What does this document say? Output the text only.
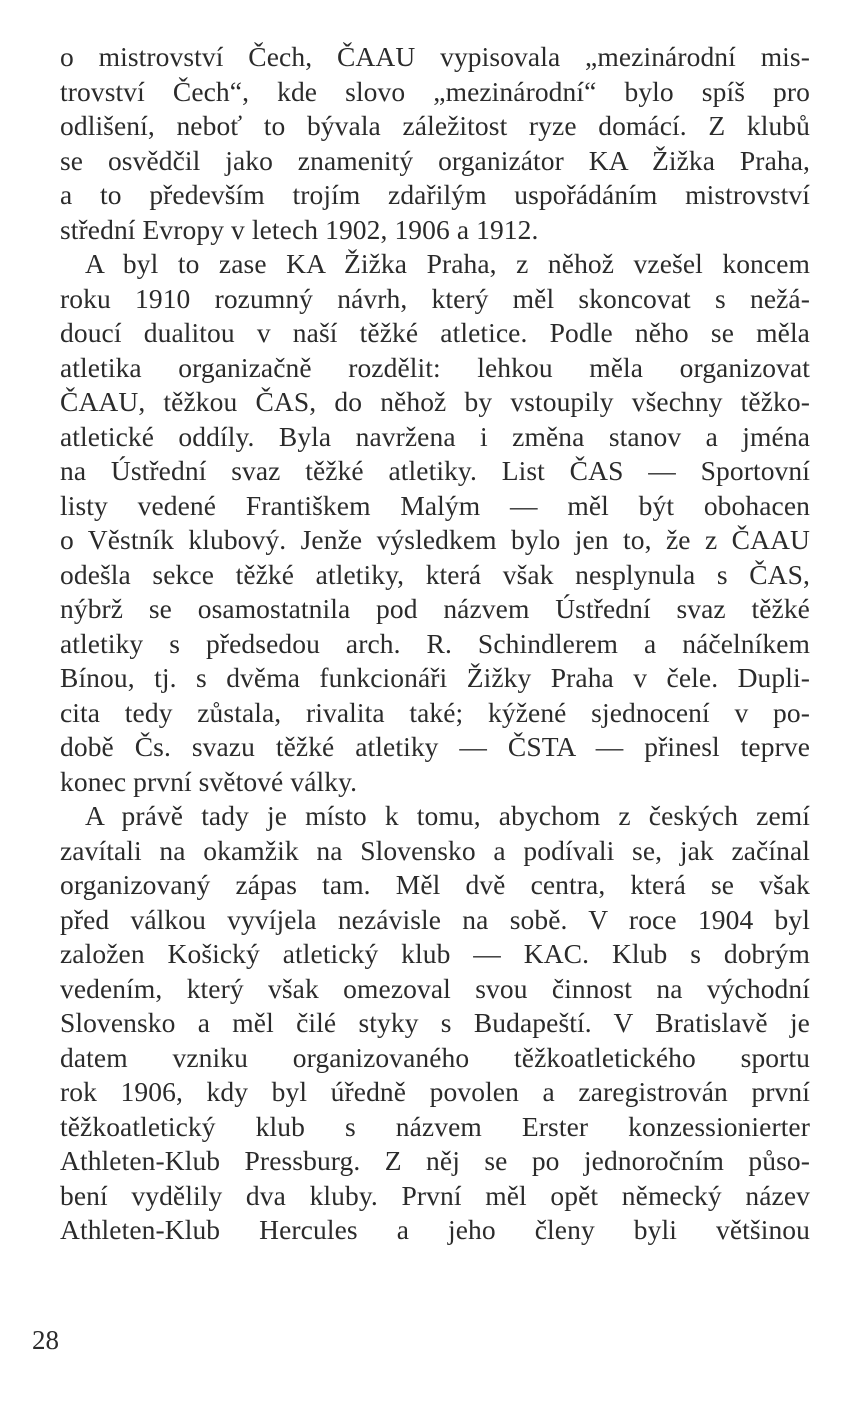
o mistrovství Čech, ČAAU vypisovala „mezinárodní mis-
trovství Čech“, kde slovo „mezinárodní“ bylo spíš pro
odlišení, neboť to bývala záležitost ryze domácí. Z klubů
se osvědčil jako znamenitý organizátor KA Žižka Praha,
a to především trojím zdařilým uspořádáním mistrovství
střední Evropy v letech 1902, 1906 a 1912.
A byl to zase KA Žižka Praha, z něhož vzešel koncem
roku 1910 rozumný návrh, který měl skoncovat s nežá-
doucí dualitou v naší těžké atletice. Podle něho se měla
atletika organizačně rozdělit: lehkou měla organizovat
ČAAU, těžkou ČAS, do něhož by vstoupily všechny těžko-
atletické oddíly. Byla navržena i změna stanov a jména
na Ústřední svaz těžké atletiky. List ČAS — Sportovní
listy vedené Františkem Malým — měl být obohacen
o Věstník klubový. Jenže výsledkem bylo jen to, že z ČAAU
odešla sekce těžké atletiky, která však nesplynula s ČAS,
nýbrž se osamostatnila pod názvem Ústřední svaz těžké
atletiky s předsedou arch. R. Schindlerem a náčelníkem
Bínou, tj. s dvěma funkcionáři Žižky Praha v čele. Dupli-
cita tedy zůstala, rivalita také; kýžené sjednocení v po-
době Čs. svazu těžké atletiky — ČSTA — přinesl teprve
konec první světové války.
A právě tady je místo k tomu, abychom z českých zemí
zavítali na okamžik na Slovensko a podívali se, jak začínal
organizovaný zápas tam. Měl dvě centra, která se však
před válkou vyvíjela nezávisle na sobě. V roce 1904 byl
založen Košický atletický klub — KAC. Klub s dobrým
vedením, který však omezoval svou činnost na východní
Slovensko a měl čilé styky s Budapeští. V Bratislavě je
datem vzniku organizovaného těžkoatletického sportu
rok 1906, kdy byl úředně povolen a zaregistrován první
těžkoatletický klub s názvem Erster konzessionierter
Athleten-Klub Pressburg. Z něj se po jednoročním půso-
bení vydělily dva kluby. První měl opět německý název
Athleten-Klub Hercules a jeho členy byli většinou
28
